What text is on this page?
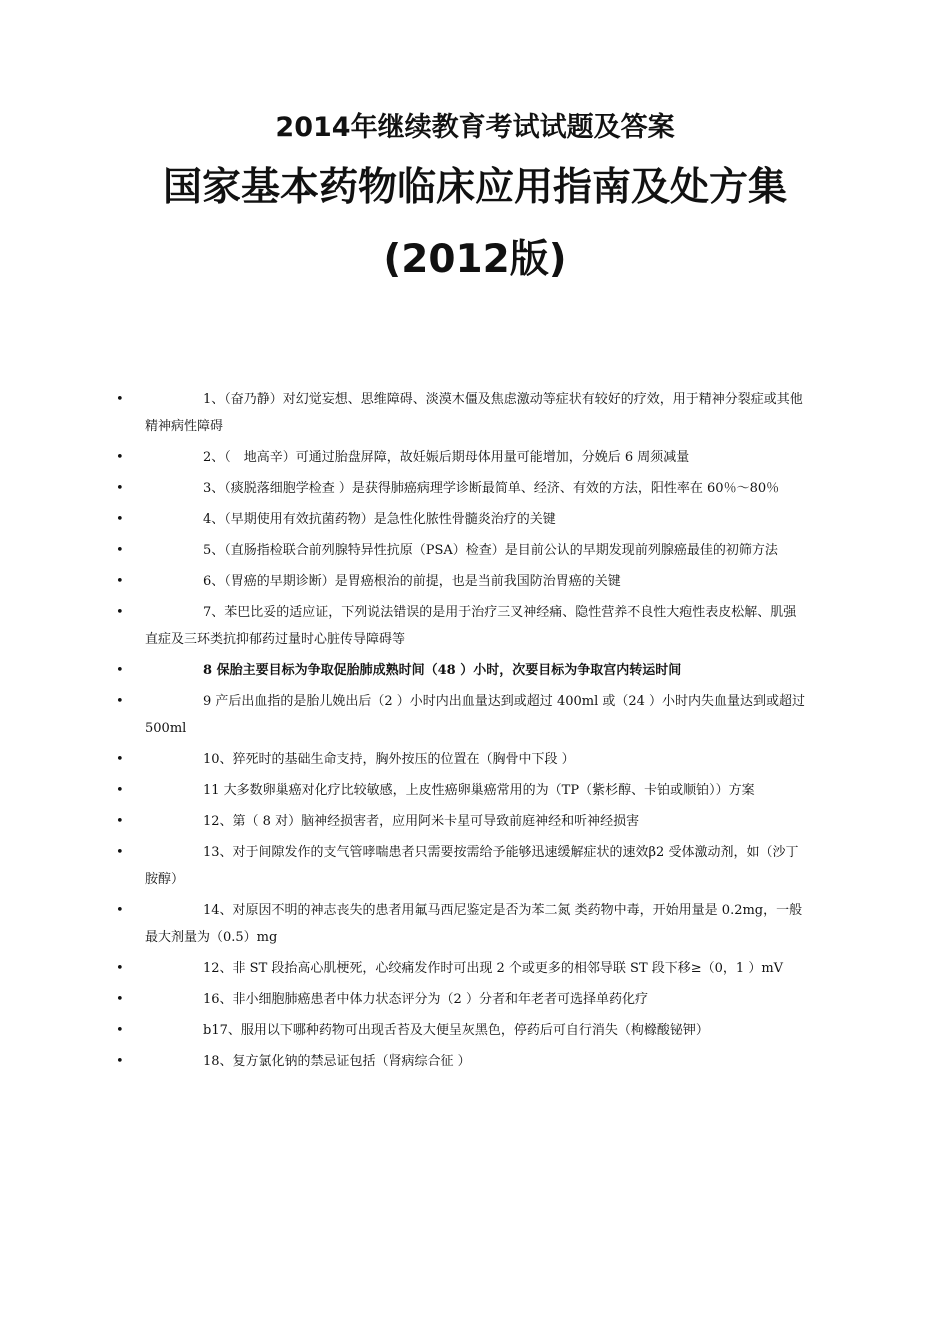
2014年继续教育考试试题及答案
国家基本药物临床应用指南及处方集(2012版)
•	1、（奋乃静）对幻觉妄想、思维障碍、淡漠木僵及焦虑激动等症状有较好的疗效，用于精神分裂症或其他精神病性障碍
•	2、（　地高辛）可通过胎盘屏障，故妊娠后期母体用量可能增加，分娩后 6 周须减量
•	3、（痰脱落细胞学检查 ）是获得肺癌病理学诊断最简单、经济、有效的方法，阳性率在 60％～80％
•	4、（早期使用有效抗菌药物）是急性化脓性骨髓炎治疗的关键
•	5、（直肠指检联合前列腺特异性抗原（PSA）检查）是目前公认的早期发现前列腺癌最佳的初筛方法
•	6、（胃癌的早期诊断）是胃癌根治的前提，也是当前我国防治胃癌的关键
•	7、苯巴比妥的适应证，下列说法错误的是用于治疗三叉神经痛、隐性营养不良性大疱性表皮松解、肌强直症及三环类抗抑郁药过量时心脏传导障碍等
•	8 保胎主要目标为争取促胎肺成熟时间（48 ）小时，次要目标为争取宫内转运时间
•	9 产后出血指的是胎儿娩出后（2 ）小时内出血量达到或超过 400ml 或（24 ）小时内失血量达到或超过 500ml
•	10、猝死时的基础生命支持，胸外按压的位置在（胸骨中下段 ）
•	11 大多数卵巢癌对化疗比较敏感，上皮性癌卵巢癌常用的为（TP（紫杉醇、卡铂或顺铂））方案
•	12、第（ 8 对）脑神经损害者，应用阿米卡星可导致前庭神经和听神经损害
•	13、对于间隙发作的支气管哮喘患者只需要按需给予能够迅速缓解症状的速效β2 受体激动剂，如（沙丁胺醇）
•	14、对原因不明的神志丧失的患者用氟马西尼鉴定是否为苯二氮 类药物中毒，开始用量是 0.2mg，一般最大剂量为（0.5）mg
•	12、非 ST 段抬高心肌梗死，心绞痛发作时可出现 2 个或更多的相邻导联 ST 段下移≥（0，1 ）mV
•	16、非小细胞肺癌患者中体力状态评分为（2 ）分者和年老者可选择单药化疗
•	b17、服用以下哪种药物可出现舌苔及大便呈灰黑色，停药后可自行消失（枸橼酸铋钾）
•	18、复方氯化钠的禁忌证包括（肾病综合征 ）
